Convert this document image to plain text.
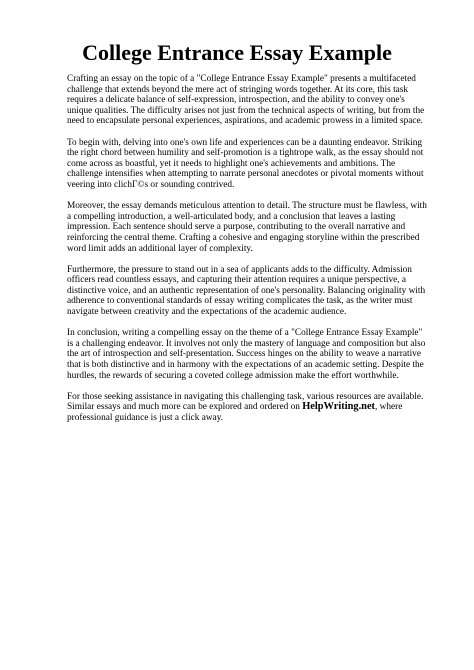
College Entrance Essay Example

Crafting an essay on the topic of a "College Entrance Essay Example" presents a multifaceted
challenge that extends beyond the mere act of stringing words together. At its core, this task
requires a delicate balance of self-expression, introspection, and the ability to convey one's
unique qualities. The difficulty arises not just from the technical aspects of writing, but from the
need to encapsulate personal experiences, aspirations, and academic prowess in a limited space.

To begin with, delving into one's own life and experiences can be a daunting endeavor. Striking
the right chord between humility and self-promotion is a tightrope walk, as the essay should not
come across as boastful, yet it needs to highlight one's achievements and ambitions. The
challenge intensifies when attempting to narrate personal anecdotes or pivotal moments without
veering into clichГ©s or sounding contrived.

Moreover, the essay demands meticulous attention to detail. The structure must be flawless, with
a compelling introduction, a well-articulated body, and a conclusion that leaves a lasting
impression. Each sentence should serve a purpose, contributing to the overall narrative and
reinforcing the central theme. Crafting a cohesive and engaging storyline within the prescribed
word limit adds an additional layer of complexity.

Furthermore, the pressure to stand out in a sea of applicants adds to the difficulty. Admission
officers read countless essays, and capturing their attention requires a unique perspective, a
distinctive voice, and an authentic representation of one's personality. Balancing originality with
adherence to conventional standards of essay writing complicates the task, as the writer must
navigate between creativity and the expectations of the academic audience.

In conclusion, writing a compelling essay on the theme of a "College Entrance Essay Example"
is a challenging endeavor. It involves not only the mastery of language and composition but also
the art of introspection and self-presentation. Success hinges on the ability to weave a narrative
that is both distinctive and in harmony with the expectations of an academic setting. Despite the
hurdles, the rewards of securing a coveted college admission make the effort worthwhile.

For those seeking assistance in navigating this challenging task, various resources are available.
Similar essays and much more can be explored and ordered on HelpWriting.net, where
professional guidance is just a click away.
